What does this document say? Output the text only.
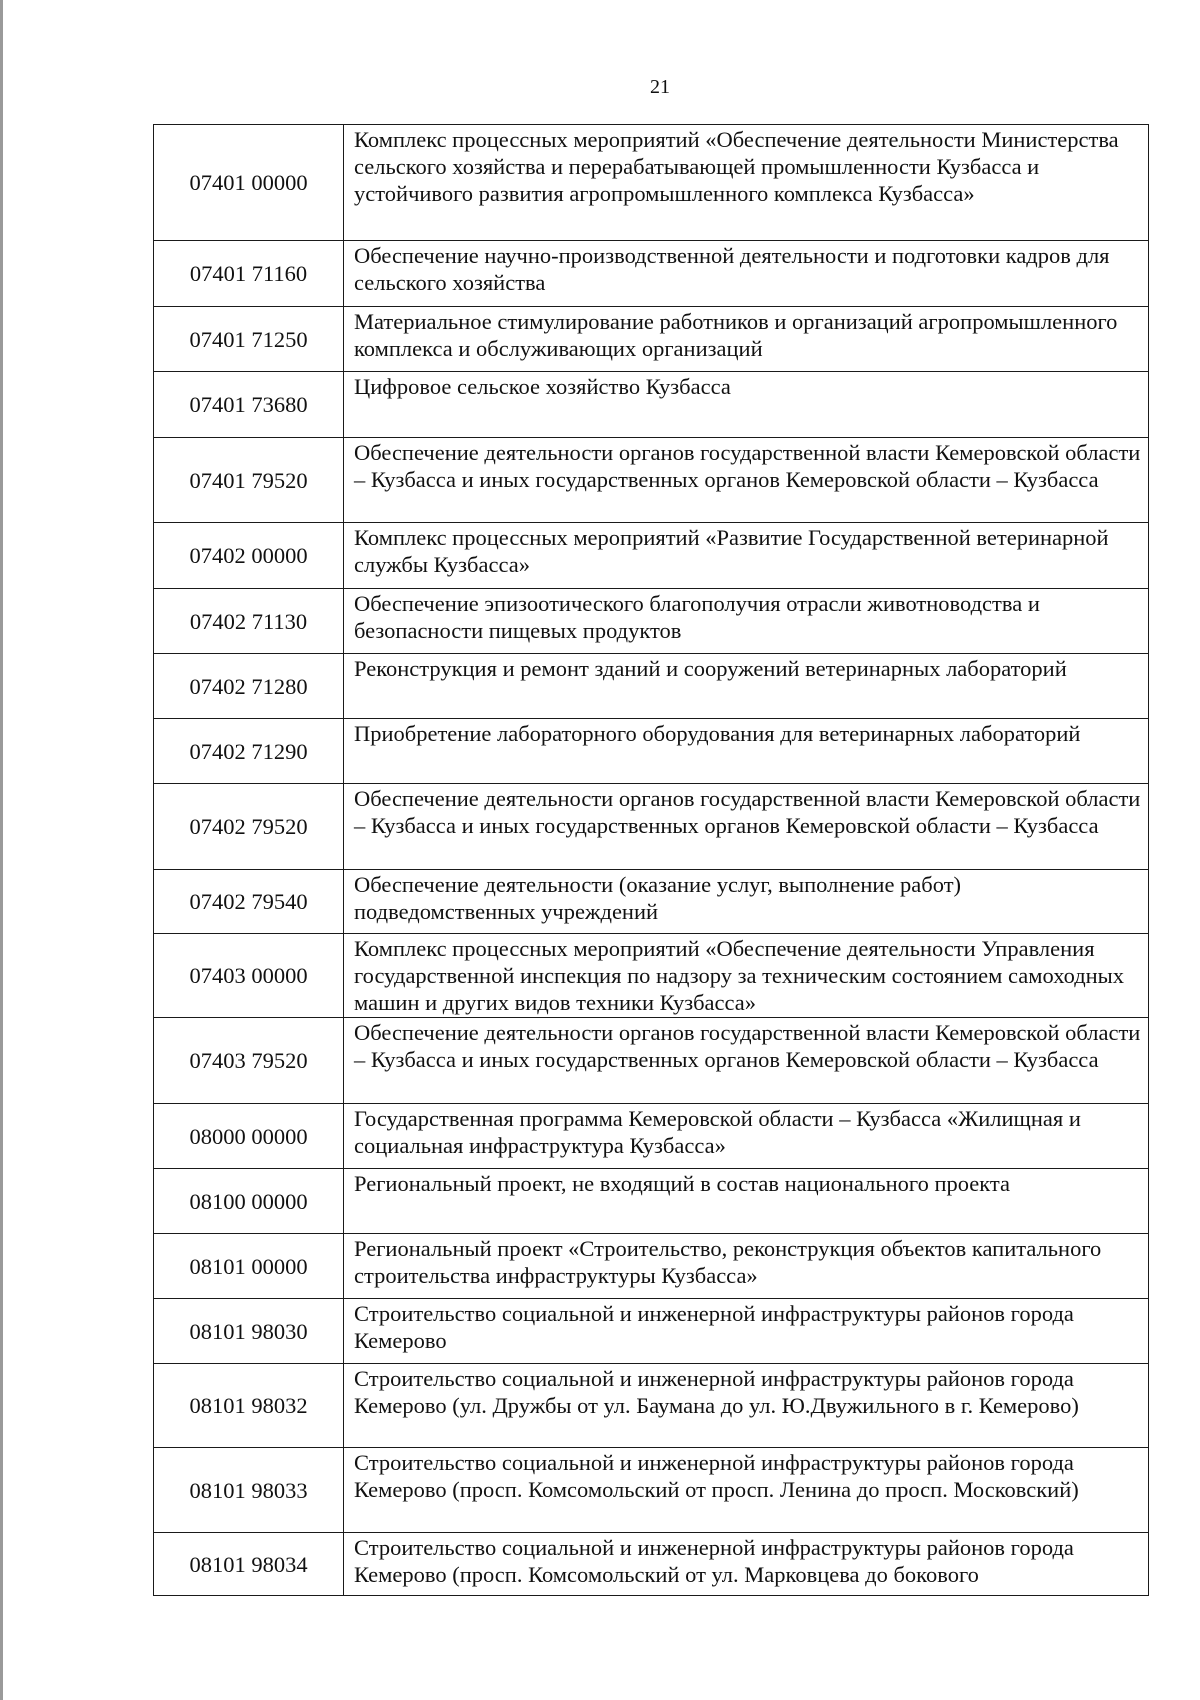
21
07401 00000	Комплекс процессных мероприятий «Обеспечение деятельности Министерства сельского хозяйства и перерабатывающей промышленности Кузбасса и устойчивого развития агропромышленного комплекса Кузбасса»
07401 71160	Обеспечение научно-производственной деятельности и подготовки кадров для сельского хозяйства
07401 71250	Материальное стимулирование работников и организаций агропромышленного комплекса и обслуживающих организаций
07401 73680	Цифровое сельское хозяйство Кузбасса
07401 79520	Обеспечение деятельности органов государственной власти Кемеровской области – Кузбасса и иных государственных органов Кемеровской области – Кузбасса
07402 00000	Комплекс процессных мероприятий «Развитие Государственной ветеринарной службы Кузбасса»
07402 71130	Обеспечение эпизоотического благополучия отрасли животноводства и безопасности пищевых продуктов
07402 71280	Реконструкция и ремонт зданий и сооружений ветеринарных лабораторий
07402 71290	Приобретение лабораторного оборудования для ветеринарных лабораторий
07402 79520	Обеспечение деятельности органов государственной власти Кемеровской области – Кузбасса и иных государственных органов Кемеровской области – Кузбасса
07402 79540	Обеспечение деятельности (оказание услуг, выполнение работ) подведомственных учреждений
07403 00000	Комплекс процессных мероприятий «Обеспечение деятельности Управления государственной инспекция по надзору за техническим состоянием самоходных машин и других видов техники Кузбасса»
07403 79520	Обеспечение деятельности органов государственной власти Кемеровской области – Кузбасса и иных государственных органов Кемеровской области – Кузбасса
08000 00000	Государственная программа Кемеровской области – Кузбасса «Жилищная и социальная инфраструктура Кузбасса»
08100 00000	Региональный проект, не входящий в состав национального проекта
08101 00000	Региональный проект «Строительство, реконструкция объектов капитального строительства инфраструктуры Кузбасса»
08101 98030	Строительство социальной и инженерной инфраструктуры районов города Кемерово
08101 98032	Строительство социальной и инженерной инфраструктуры районов города Кемерово (ул. Дружбы от ул. Баумана до ул. Ю.Двужильного в г. Кемерово)
08101 98033	Строительство социальной и инженерной инфраструктуры районов города Кемерово (просп. Комсомольский от просп. Ленина до просп. Московский)
08101 98034	Строительство социальной и инженерной инфраструктуры районов города Кемерово (просп. Комсомольский от ул. Марковцева до бокового
